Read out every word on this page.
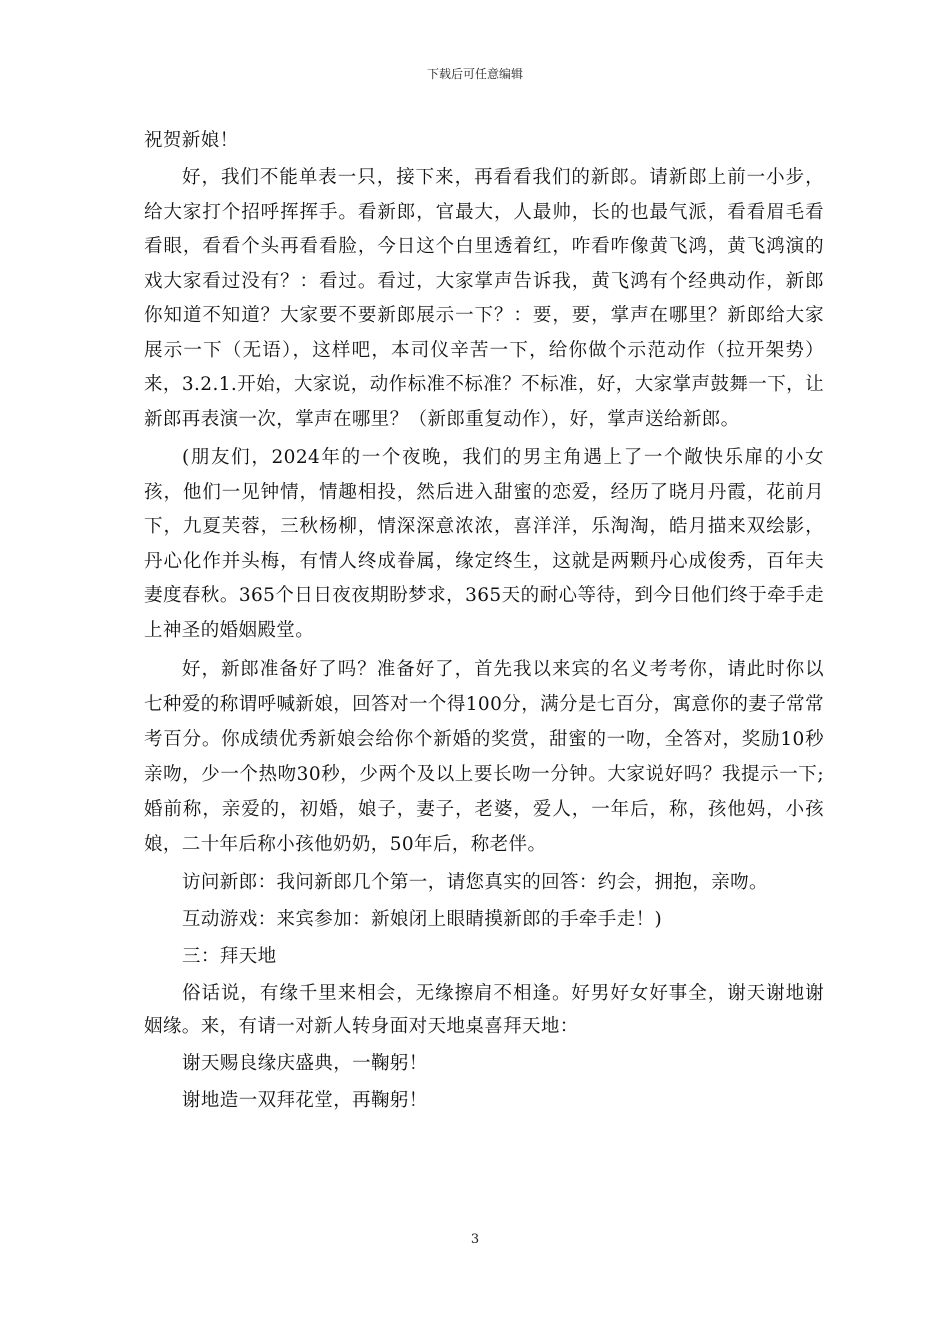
下载后可任意编辑

祝贺新娘！

好，我们不能单表一只，接下来，再看看我们的新郎。请新郎上前一小步，给大家打个招呼挥挥手。看新郎，官最大，人最帅，长的也最气派，看看眉毛看看眼，看看个头再看看脸，今日这个白里透着红，咋看咋像黄飞鸿，黄飞鸿演的戏大家看过没有？：看过。看过，大家掌声告诉我，黄飞鸿有个经典动作，新郎你知道不知道？大家要不要新郎展示一下？：要，要，掌声在哪里？新郎给大家展示一下（无语），这样吧，本司仪辛苦一下，给你做个示范动作（拉开架势）来，3.2.1.开始，大家说，动作标准不标准？不标准，好，大家掌声鼓舞一下，让新郎再表演一次，掌声在哪里？（新郎重复动作），好，掌声送给新郎。

(朋友们，2024年的一个夜晚，我们的男主角遇上了一个敞快乐扉的小女孩，他们一见钟情，情趣相投，然后进入甜蜜的恋爱，经历了晓月丹霞，花前月下，九夏芙蓉，三秋杨柳，情深深意浓浓，喜洋洋，乐淘淘，皓月描来双绘影，丹心化作并头梅，有情人终成眷属，缘定终生，这就是两颗丹心成俊秀，百年夫妻度春秋。365个日日夜夜期盼梦求，365天的耐心等待，到今日他们终于牵手走上神圣的婚姻殿堂。

好，新郎准备好了吗？准备好了，首先我以来宾的名义考考你，请此时你以七种爱的称谓呼喊新娘，回答对一个得100分，满分是七百分，寓意你的妻子常常考百分。你成绩优秀新娘会给你个新婚的奖赏，甜蜜的一吻，全答对，奖励10秒亲吻，少一个热吻30秒，少两个及以上要长吻一分钟。大家说好吗？我提示一下;婚前称，亲爱的，初婚，娘子，妻子，老婆，爱人，一年后，称，孩他妈，小孩娘，二十年后称小孩他奶奶，50年后，称老伴。

访问新郎：我问新郎几个第一，请您真实的回答：约会，拥抱，亲吻。

互动游戏：来宾参加：新娘闭上眼睛摸新郎的手牵手走！)

三：拜天地

俗话说，有缘千里来相会，无缘擦肩不相逢。好男好女好事全，谢天谢地谢姻缘。来，有请一对新人转身面对天地桌喜拜天地：

谢天赐良缘庆盛典，一鞠躬！

谢地造一双拜花堂，再鞠躬！

3
